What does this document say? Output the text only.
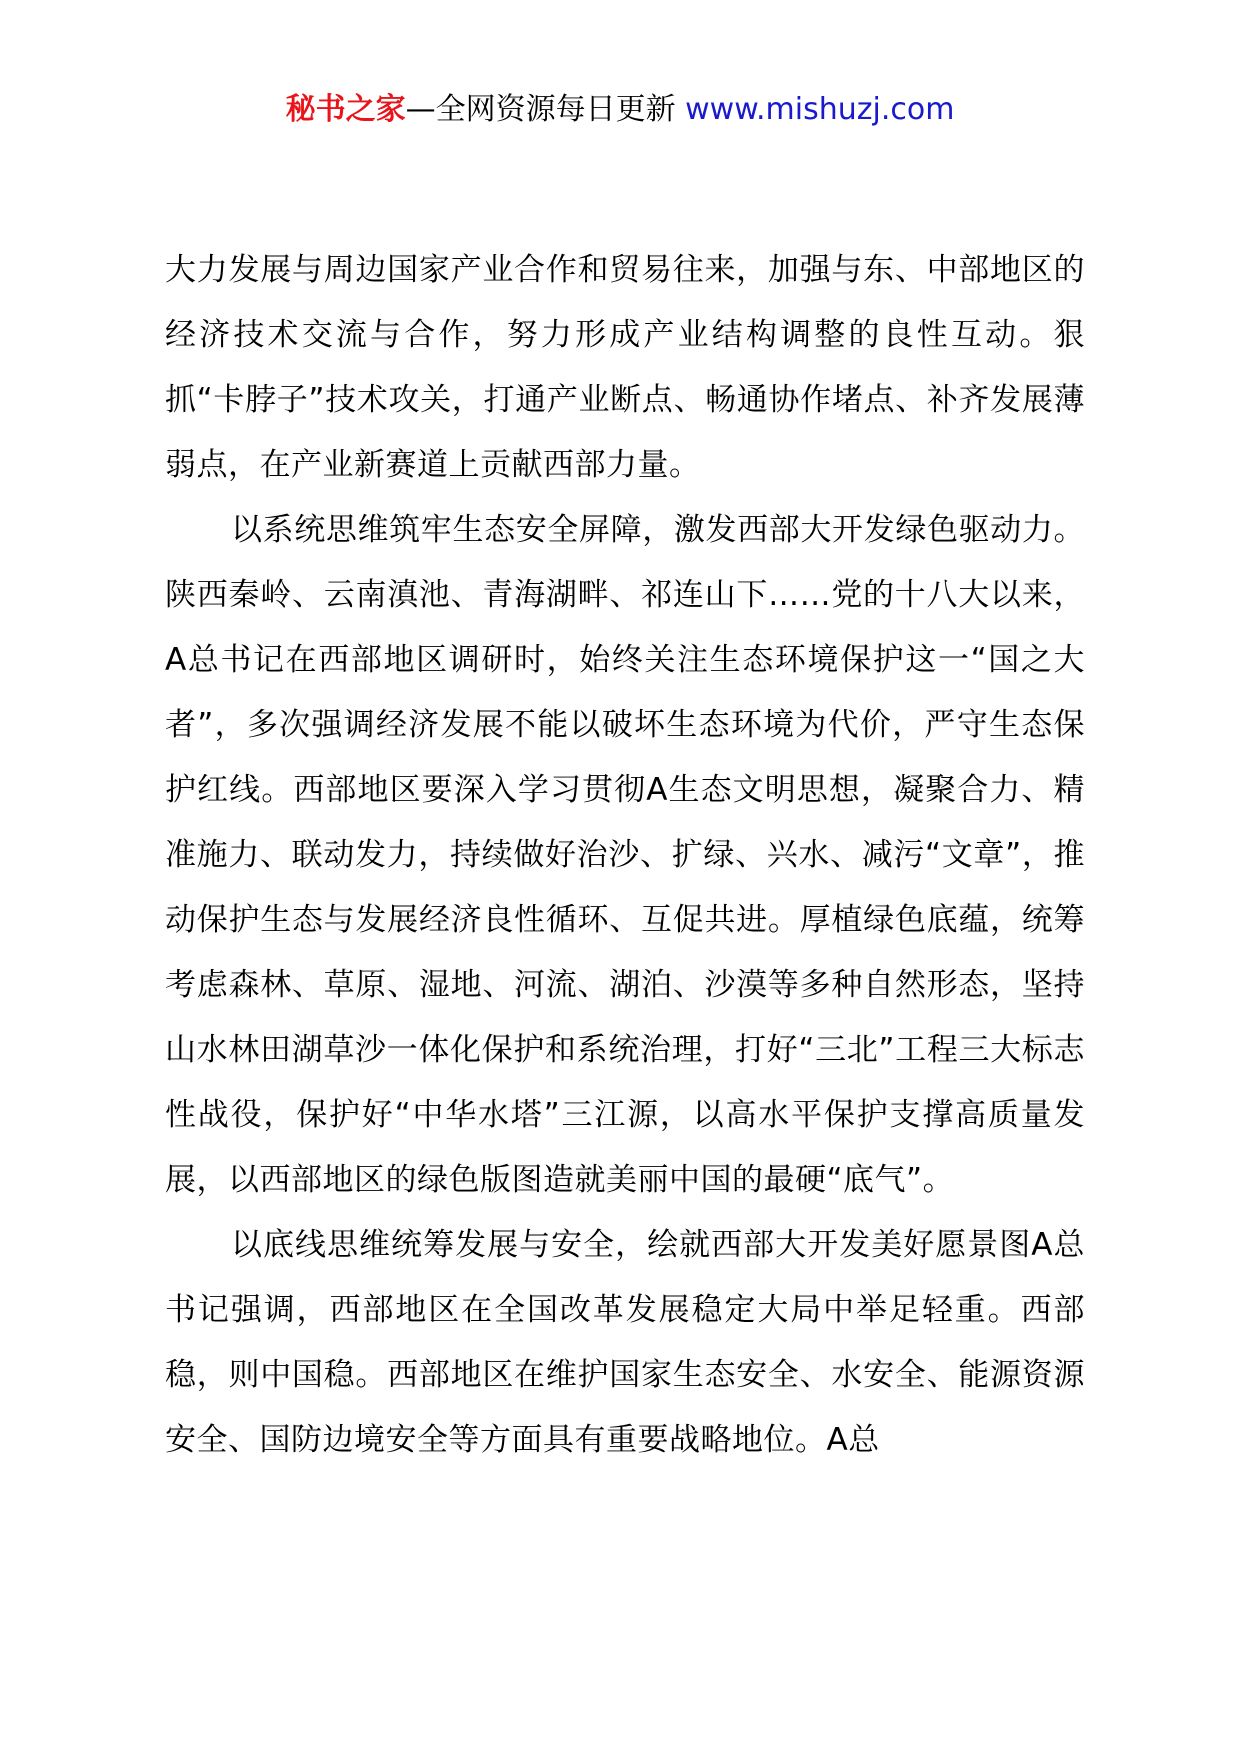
秘书之家—全网资源每日更新 www.mishuzj.com

大力发展与周边国家产业合作和贸易往来，加强与东、中部地区的经济技术交流与合作，努力形成产业结构调整的良性互动。狠抓“卡脖子”技术攻关，打通产业断点、畅通协作堵点、补齐发展薄弱点，在产业新赛道上贡献西部力量。

以系统思维筑牢生态安全屏障，激发西部大开发绿色驱动力。陕西秦岭、云南滇池、青海湖畔、祁连山下……党的十八大以来，A总书记在西部地区调研时，始终关注生态环境保护这一“国之大者”，多次强调经济发展不能以破坏生态环境为代价，严守生态保护红线。西部地区要深入学习贯彻A生态文明思想，凝聚合力、精准施力、联动发力，持续做好治沙、扩绿、兴水、减污“文章”，推动保护生态与发展经济良性循环、互促共进。厚植绿色底蕴，统筹考虑森林、草原、湿地、河流、湖泊、沙漠等多种自然形态，坚持山水林田湖草沙一体化保护和系统治理，打好“三北”工程三大标志性战役，保护好“中华水塔”三江源，以高水平保护支撑高质量发展，以西部地区的绿色版图造就美丽中国的最硬“底气”。

以底线思维统筹发展与安全，绘就西部大开发美好愿景图A总书记强调，西部地区在全国改革发展稳定大局中举足轻重。西部稳，则中国稳。西部地区在维护国家生态安全、水安全、能源资源安全、国防边境安全等方面具有重要战略地位。A总
